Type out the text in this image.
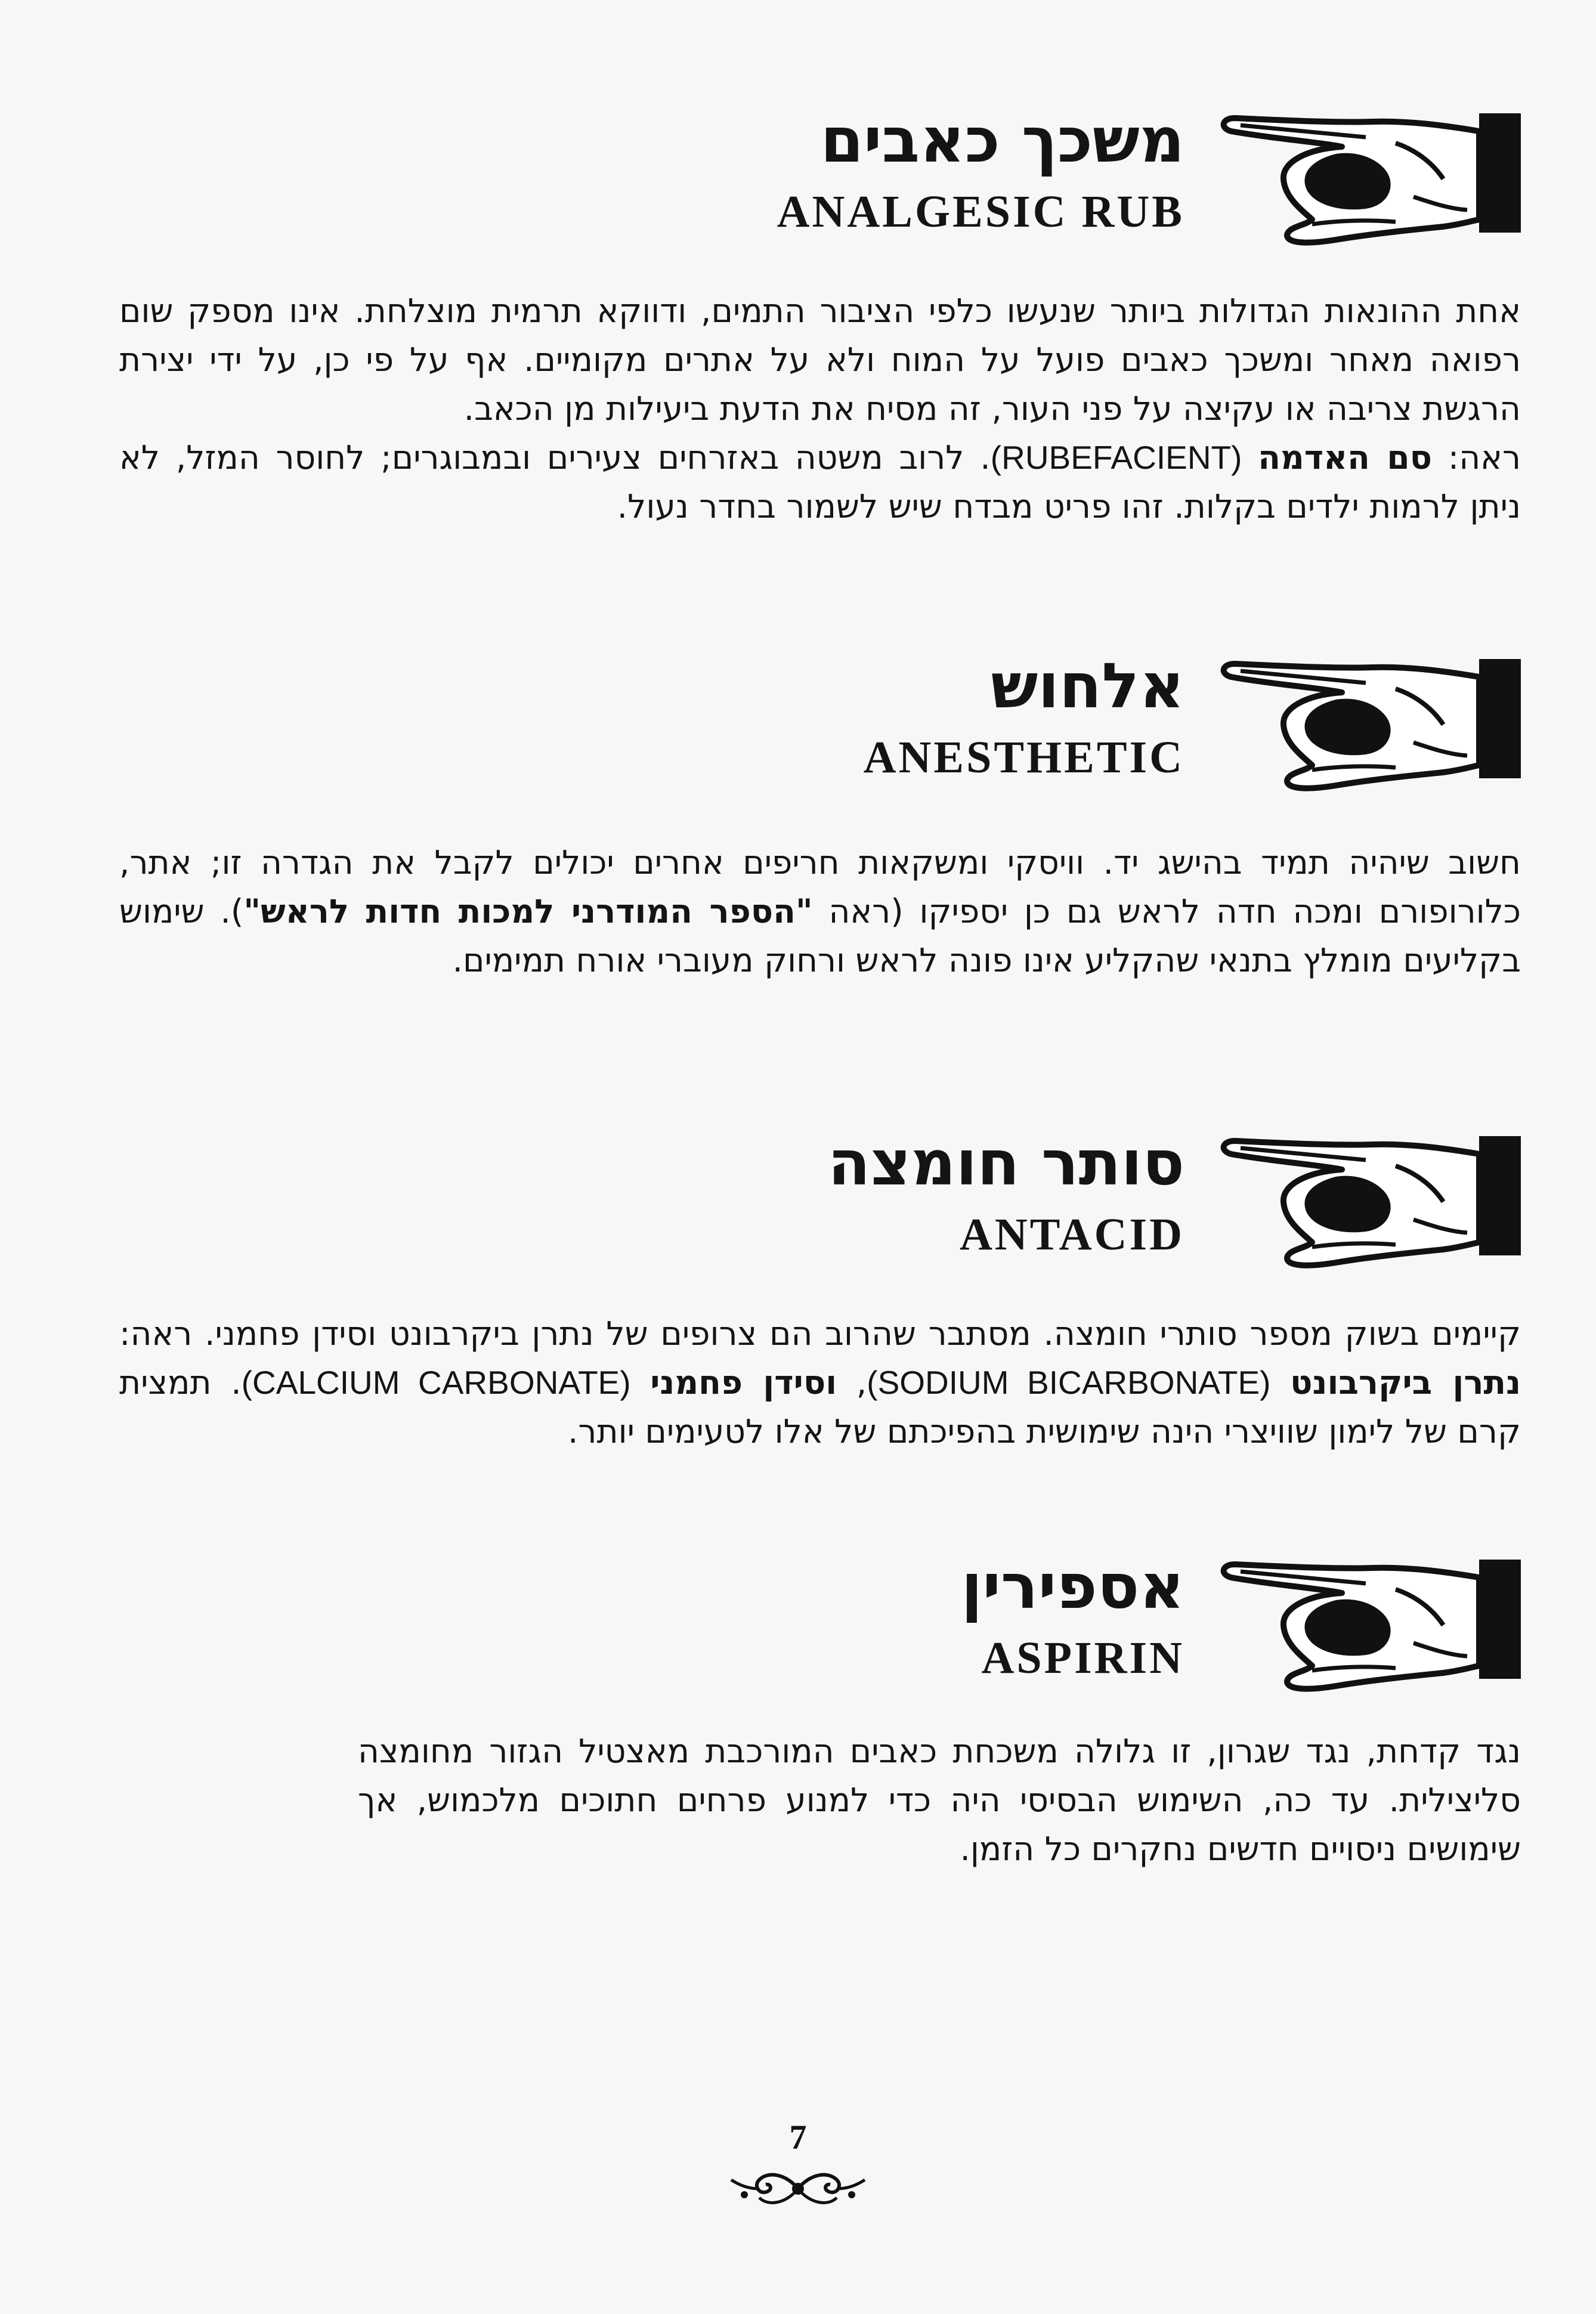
משכך כאבים
ANALGESIC RUB

אחת ההונאות הגדולות ביותר שנעשו כלפי הציבור התמים, ודווקא תרמית מוצלחת. אינו מספק שום רפואה מאחר ומשכך כאבים פועל על המוח ולא על אתרים מקומיים. אף על פי כן, על ידי יצירת הרגשת צריבה או עקיצה על פני העור, זה מסיח את הדעת ביעילות מן הכאב.

ראה: סם האדמה (RUBEFACIENT). לרוב משטה באזרחים צעירים ובמבוגרים; לחוסר המזל, לא ניתן לרמות ילדים בקלות. זהו פריט מבדח שיש לשמור בחדר נעול.

אלחוש
ANESTHETIC

חשוב שיהיה תמיד בהישג יד. וויסקי ומשקאות חריפים אחרים יכולים לקבל את הגדרה זו; אתר, כלורופורם ומכה חדה לראש גם כן יספיקו (ראה "הספר המודרני למכות חדות לראש"). שימוש בקליעים מומלץ בתנאי שהקליע אינו פונה לראש ורחוק מעוברי אורח תמימים.

סותר חומצה
ANTACID

קיימים בשוק מספר סותרי חומצה. מסתבר שהרוב הם צרופים של נתרן ביקרבונט וסידן פחמני. ראה: נתרן ביקרבונט (SODIUM BICARBONATE), וסידן פחמני (CALCIUM CARBONATE). תמצית קרם של לימון שוויצרי הינה שימושית בהפיכתם של אלו לטעימים יותר.

אספירין
ASPIRIN

נגד קדחת, נגד שגרון, זו גלולה משכחת כאבים המורכבת מאצטיל הגזור מחומצה סליצילית. עד כה, השימוש הבסיסי היה כדי למנוע פרחים חתוכים מלכמוש, אך שימושים ניסויים חדשים נחקרים כל הזמן.

7
